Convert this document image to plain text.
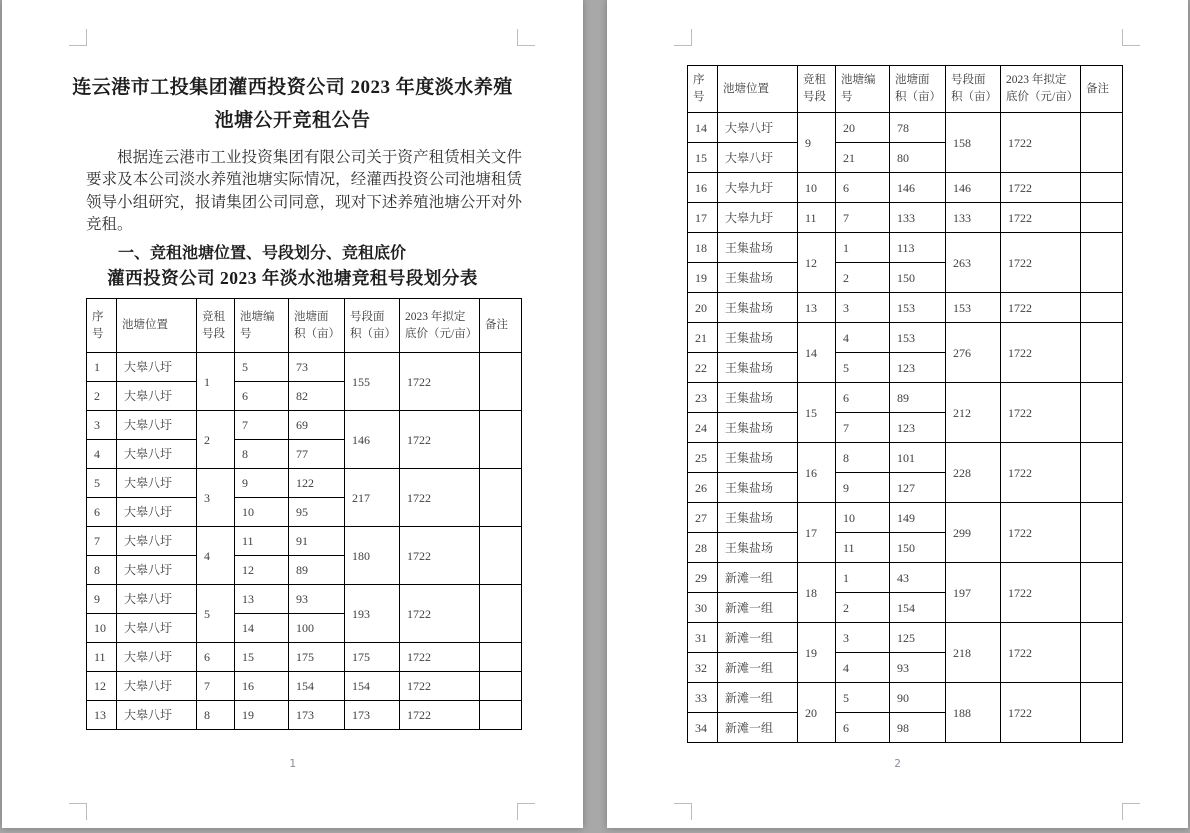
连云港市工投集团灌西投资公司 2023 年度淡水养殖
池塘公开竞租公告

根据连云港市工业投资集团有限公司关于资产租赁相关文件要求及本公司淡水养殖池塘实际情况，经灌西投资公司池塘租赁领导小组研究，报请集团公司同意，现对下述养殖池塘公开对外竞租。

一、竞租池塘位置、号段划分、竞租底价
灌西投资公司 2023 年淡水池塘竞租号段划分表
序号	池塘位置	竞租号段	池塘编号	池塘面积（亩）	号段面积（亩）	2023 年拟定底价（元/亩）	备注
1	大皋八圩	1	5	73	155	1722	
2	大皋八圩		6	82			
3	大皋八圩	2	7	69	146	1722	
4	大皋八圩		8	77			
5	大皋八圩	3	9	122	217	1722	
6	大皋八圩		10	95			
7	大皋八圩	4	11	91	180	1722	
8	大皋八圩		12	89			
9	大皋八圩	5	13	93	193	1722	
10	大皋八圩		14	100			
11	大皋八圩	6	15	175	175	1722	
12	大皋八圩	7	16	154	154	1722	
13	大皋八圩	8	19	173	173	1722	
1
序号	池塘位置	竞租号段	池塘编号	池塘面积（亩）	号段面积（亩）	2023 年拟定底价（元/亩）	备注
14	大皋八圩	9	20	78	158	1722	
15	大皋八圩		21	80			
16	大皋九圩	10	6	146	146	1722	
17	大皋九圩	11	7	133	133	1722	
18	王集盐场	12	1	113	263	1722	
19	王集盐场		2	150			
20	王集盐场	13	3	153	153	1722	
21	王集盐场	14	4	153	276	1722	
22	王集盐场		5	123			
23	王集盐场	15	6	89	212	1722	
24	王集盐场		7	123			
25	王集盐场	16	8	101	228	1722	
26	王集盐场		9	127			
27	王集盐场	17	10	149	299	1722	
28	王集盐场		11	150			
29	新滩一组	18	1	43	197	1722	
30	新滩一组		2	154			
31	新滩一组	19	3	125	218	1722	
32	新滩一组		4	93			
33	新滩一组	20	5	90	188	1722	
34	新滩一组		6	98			
2
